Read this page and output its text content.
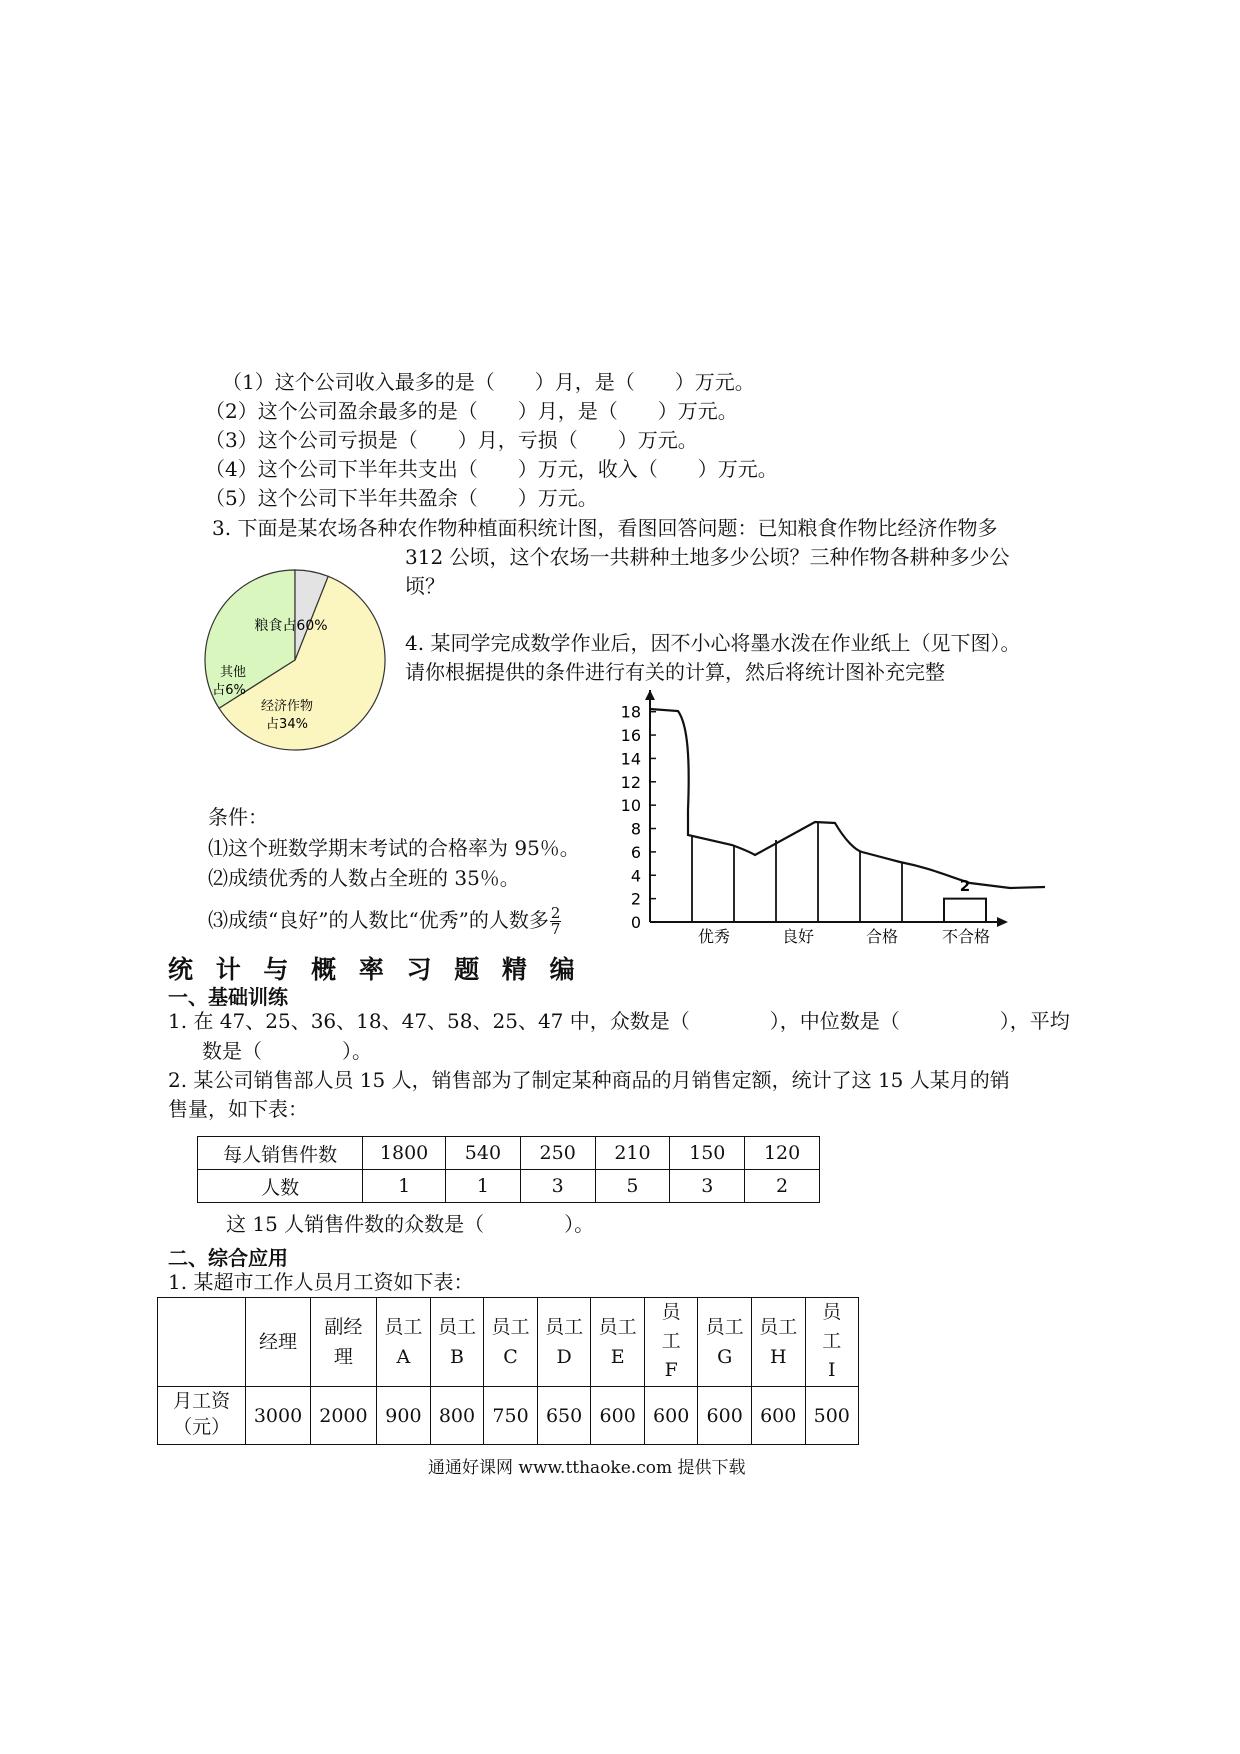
（1）这个公司收入最多的是（　　）月，是（　　）万元。
（2）这个公司盈余最多的是（　　）月，是（　　）万元。
（3）这个公司亏损是（　　）月，亏损（　　）万元。
（4）这个公司下半年共支出（　　）万元，收入（　　）万元。
（5）这个公司下半年共盈余（　　）万元。
3. 下面是某农场各种农作物种植面积统计图，看图回答问题：已知粮食作物比经济作物多
312 公顷，这个农场一共耕种土地多少公顷？三种作物各耕种多少公
顷？
粮食占60%
其他
占6%
经济作物
占34%
4. 某同学完成数学作业后，因不小心将墨水泼在作业纸上（见下图）。
请你根据提供的条件进行有关的计算，然后将统计图补充完整
0
2
4
6
8
10
12
14
16
18
2
优秀	良好	合格	不合格
条件：
⑴这个班数学期末考试的合格率为 95％。
⑵成绩优秀的人数占全班的 35％。
⑶成绩“良好”的人数比“优秀”的人数多 $\frac{2}{7}$
统 计 与 概 率 习 题 精 编
一、基础训练
1. 在 47、25、36、18、47、58、25、47 中，众数是（　　　　），中位数是（　　　　　），平均
数是（　　　　）。
2. 某公司销售部人员 15 人，销售部为了制定某种商品的月销售定额，统计了这 15 人某月的销
售量，如下表：
每人销售件数	1800	540	250	210	150	120
人数	1	1	3	5	3	2
这 15 人销售件数的众数是（　　　　）。
二、综合应用
1. 某超市工作人员月工资如下表：
	经理	副经理	员工A	员工B	员工C	员工D	员工E	员工F	员工G	员工H	员工I
月工资（元）	3000	2000	900	800	750	650	600	600	600	600	500
通通好课网 www.tthaoke.com 提供下载
